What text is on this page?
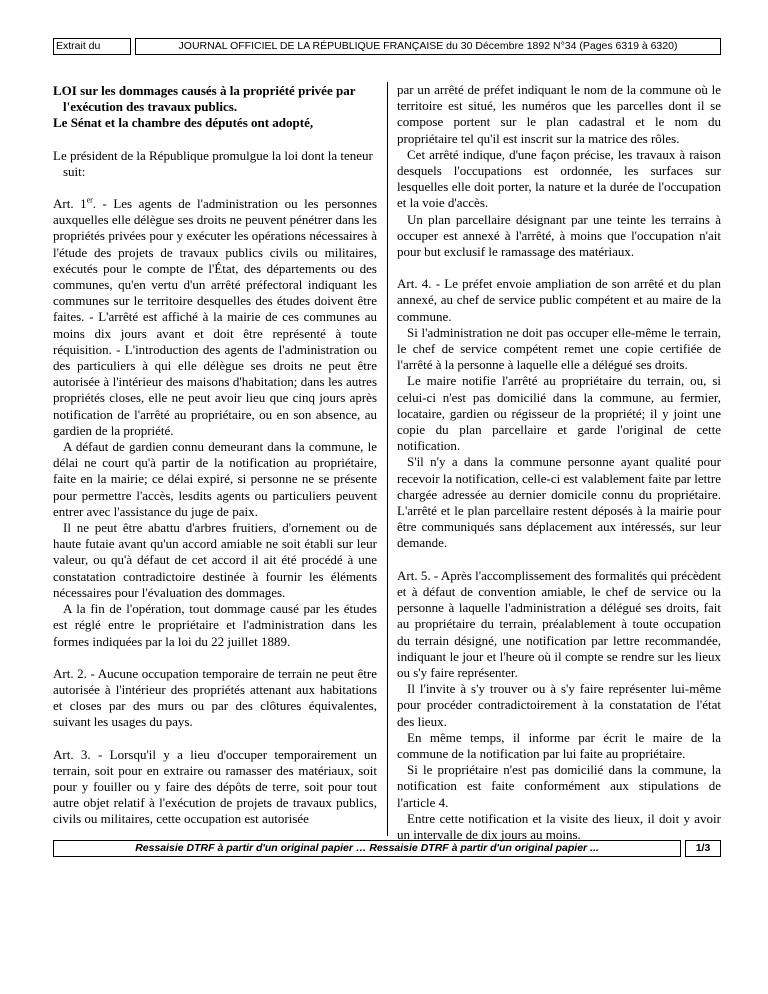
Extrait du	JOURNAL OFFICIEL DE LA RÉPUBLIQUE FRANÇAISE du 30 Décembre 1892 N°34 (Pages 6319 à 6320)
LOI sur les dommages causés à la propriété privée par l'exécution des travaux publics.
Le Sénat et la chambre des députés ont adopté,
Le président de la République promulgue la loi dont la teneur suit:

Art. 1er. - Les agents de l'administration ou les personnes auxquelles elle délègue ses droits ne peuvent pénétrer dans les propriétés privées pour y exécuter les opérations nécessaires à l'étude des projets de travaux publics civils ou militaires, exécutés pour le compte de l'État, des départements ou des communes, qu'en vertu d'un arrêté préfectoral indiquant les communes sur le territoire desquelles des études doivent être faites. - L'arrêté est affiché à la mairie de ces communes au moins dix jours avant et doit être représenté à toute réquisition. - L'introduction des agents de l'administration ou des particuliers à qui elle délègue ses droits ne peut être autorisée à l'intérieur des maisons d'habitation; dans les autres propriétés closes, elle ne peut avoir lieu que cinq jours après notification de l'arrêté au propriétaire, ou en son absence, au gardien de la propriété.

A défaut de gardien connu demeurant dans la commune, le délai ne court qu'à partir de la notification au propriétaire, faite en la mairie; ce délai expiré, si personne ne se présente pour permettre l'accès, lesdits agents ou particuliers peuvent entrer avec l'assistance du juge de paix.

Il ne peut être abattu d'arbres fruitiers, d'ornement ou de haute futaie avant qu'un accord amiable ne soit établi sur leur valeur, ou qu'à défaut de cet accord il ait été procédé à une constatation contradictoire destinée à fournir les éléments nécessaires pour l'évaluation des dommages.

A la fin de l'opération, tout dommage causé par les études est réglé entre le propriétaire et l'administration dans les formes indiquées par la loi du 22 juillet 1889.

Art. 2. - Aucune occupation temporaire de terrain ne peut être autorisée à l'intérieur des propriétés attenant aux habitations et closes par des murs ou par des clôtures équivalentes, suivant les usages du pays.

Art. 3. - Lorsqu'il y a lieu d'occuper temporairement un terrain, soit pour en extraire ou ramasser des matériaux, soit pour y fouiller ou y faire des dépôts de terre, soit pour tout autre objet relatif à l'exécution de projets de travaux publics, civils ou militaires, cette occupation est autorisée

par un arrêté de préfet indiquant le nom de la commune où le territoire est situé, les numéros que les parcelles dont il se compose portent sur le plan cadastral et le nom du propriétaire tel qu'il est inscrit sur la matrice des rôles.

Cet arrêté indique, d'une façon précise, les travaux à raison desquels l'occupations est ordonnée, les surfaces sur lesquelles elle doit porter, la nature et la durée de l'occupation et la voie d'accès.

Un plan parcellaire désignant par une teinte les terrains à occuper est annexé à l'arrêté, à moins que l'occupation n'ait pour but exclusif le ramassage des matériaux.

Art. 4. - Le préfet envoie ampliation de son arrêté et du plan annexé, au chef de service public compétent et au maire de la commune.

Si l'administration ne doit pas occuper elle-même le terrain, le chef de service compétent remet une copie certifiée de l'arrêté à la personne à laquelle elle a délégué ses droits.

Le maire notifie l'arrêté au propriétaire du terrain, ou, si celui-ci n'est pas domicilié dans la commune, au fermier, locataire, gardien ou régisseur de la propriété; il y joint une copie du plan parcellaire et garde l'original de cette notification.

S'il n'y a dans la commune personne ayant qualité pour recevoir la notification, celle-ci est valablement faite par lettre chargée adressée au dernier domicile connu du propriétaire. L'arrêté et le plan parcellaire restent déposés à la mairie pour être communiqués sans déplacement aux intéressés, sur leur demande.

Art. 5. - Après l'accomplissement des formalités qui précèdent et à défaut de convention amiable, le chef de service ou la personne à laquelle l'administration a délégué ses droits, fait au propriétaire du terrain, préalablement à toute occupation du terrain désigné, une notification par lettre recommandée, indiquant le jour et l'heure où il compte se rendre sur les lieux ou s'y faire représenter.

Il l'invite à s'y trouver ou à s'y faire représenter lui-même pour procéder contradictoirement à la constatation de l'état des lieux.

En même temps, il informe par écrit le maire de la commune de la notification par lui faite au propriétaire.

Si le propriétaire n'est pas domicilié dans la commune, la notification est faite conformément aux stipulations de l'article 4.

Entre cette notification et la visite des lieux, il doit y avoir un intervalle de dix jours au moins.

Ressaisie DTRF à partir d'un original papier … Ressaisie DTRF à partir d'un original papier ...	1/3
